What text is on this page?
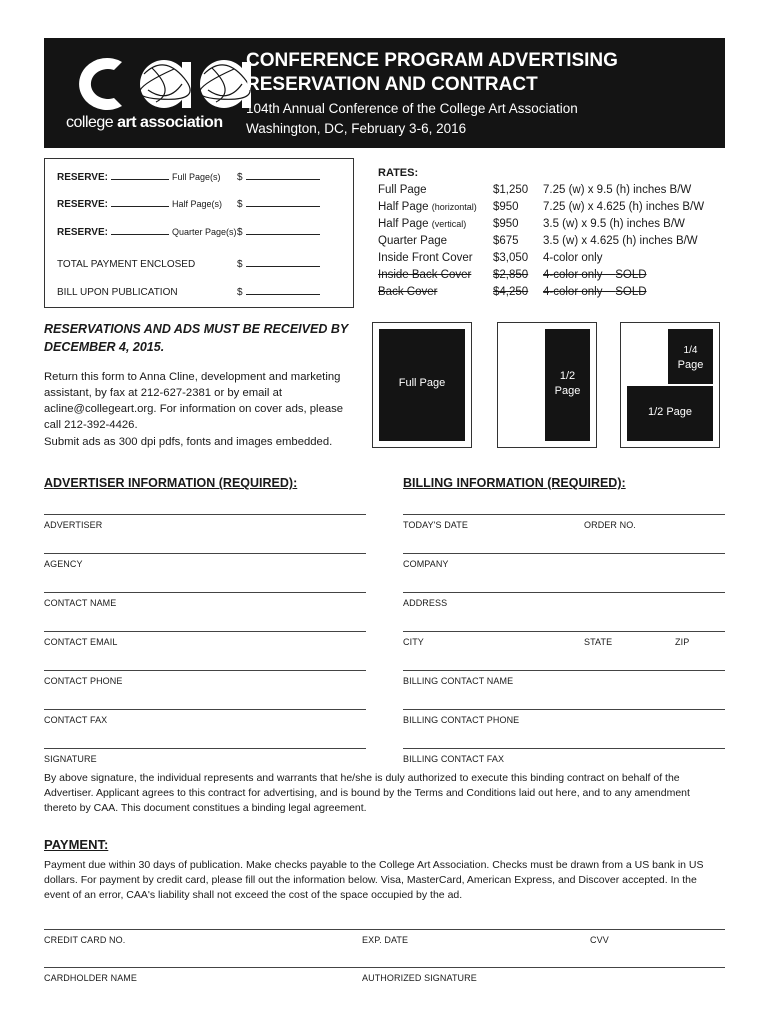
college art association
CONFERENCE PROGRAM ADVERTISING
RESERVATION AND CONTRACT
104th Annual Conference of the College Art Association
Washington, DC, February 3-6, 2016
RESERVE:	Full Page(s) $
RESERVE:	Half Page(s) $
RESERVE:	Quarter Page(s) $
TOTAL PAYMENT ENCLOSED	$
BILL UPON PUBLICATION	$
RATES:
Full Page	$1,250 7.25 (w) x 9.5 (h) inches B/W
Half Page (horizontal) $950 7.25 (w) x 4.625 (h) inches B/W
Half Page (vertical) $950 3.5 (w) x 9.5 (h) inches B/W
Quarter Page	$675 3.5 (w) x 4.625 (h) inches B/W
Inside Front Cover $3,050 4-color only
Inside Back Cover $2,850 4-color only SOLD
Back Cover	$4,250 4-color only SOLD
RESERVATIONS AND ADS MUST BE RECEIVED BY DECEMBER 4, 2015.
Return this form to Anna Cline, development and marketing assistant, by fax at 212-627-2381 or by email at acline@collegeart.org. For information on cover ads, please call 212-392-4426.
Submit ads as 300 dpi pdfs, fonts and images embedded.
Full Page
1/2
Page
1/4
Page
1/2 Page
ADVERTISER INFORMATION (REQUIRED):
ADVERTISER
AGENCY
CONTACT NAME
CONTACT EMAIL
CONTACT PHONE
CONTACT FAX
SIGNATURE
BILLING INFORMATION (REQUIRED):
TODAY'S DATE	ORDER NO.
COMPANY
ADDRESS
CITY	STATE	ZIP
BILLING CONTACT NAME
BILLING CONTACT PHONE
BILLING CONTACT FAX
By above signature, the individual represents and warrants that he/she is duly authorized to execute this binding contract on behalf of the Advertiser. Applicant agrees to this contract for advertising, and is bound by the Terms and Conditions laid out here, and to any amendment thereto by CAA. This document constitues a binding legal agreement.
PAYMENT:
Payment due within 30 days of publication. Make checks payable to the College Art Association. Checks must be drawn from a US bank in US dollars. For payment by credit card, please fill out the information below. Visa, MasterCard, American Express, and Discover accepted. In the event of an error, CAA's liability shall not exceed the cost of the space occupied by the ad.
CREDIT CARD NO.	EXP. DATE	CVV
CARDHOLDER NAME	AUTHORIZED SIGNATURE
